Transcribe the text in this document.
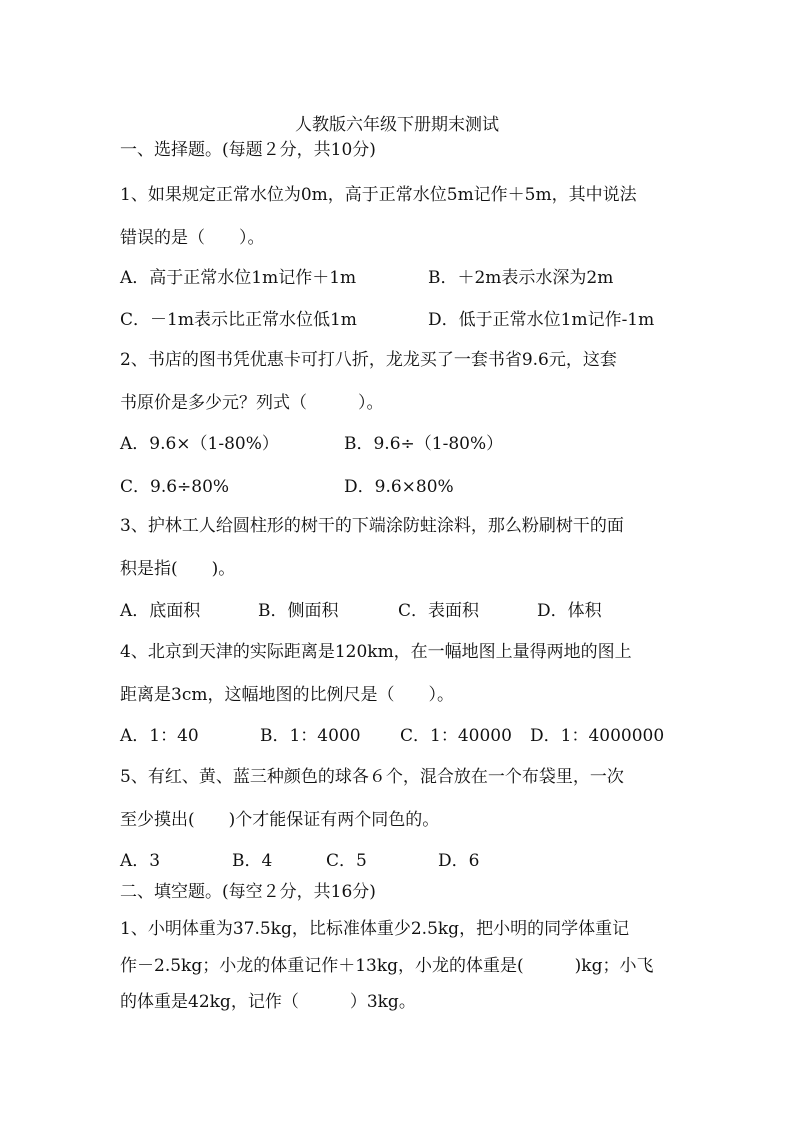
人教版六年级下册期末测试
一、选择题。(每题２分，共10分)
1、如果规定正常水位为0m，高于正常水位5m记作＋5m，其中说法
错误的是（　　）。
A．高于正常水位1m记作＋1m	B．＋2m表示水深为2m
C．－1m表示比正常水位低1m	D．低于正常水位1m记作-1m
2、书店的图书凭优惠卡可打八折，龙龙买了一套书省9.6元，这套
书原价是多少元？列式（　　　）。
A．9.6×（1-80%）	B．9.6÷（1-80%）
C．9.6÷80%	D．9.6×80%
3、护林工人给圆柱形的树干的下端涂防蛀涂料，那么粉刷树干的面
积是指(　　)。
A．底面积	B．侧面积	C．表面积	D．体积
4、北京到天津的实际距离是120km，在一幅地图上量得两地的图上
距离是3cm，这幅地图的比例尺是（　　）。
A．1：40	B．1：4000 C．1：40000 D．1：4000000
5、有红、黄、蓝三种颜色的球各６个，混合放在一个布袋里，一次
至少摸出(　　)个才能保证有两个同色的。
A．3	B．4	C．5	D．6
二、填空题。(每空２分，共16分)
1、小明体重为37.5kg，比标准体重少2.5kg，把小明的同学体重记
作－2.5kg；小龙的体重记作＋13kg，小龙的体重是(　　　)kg；小飞
的体重是42kg，记作（　　　）3kg。
